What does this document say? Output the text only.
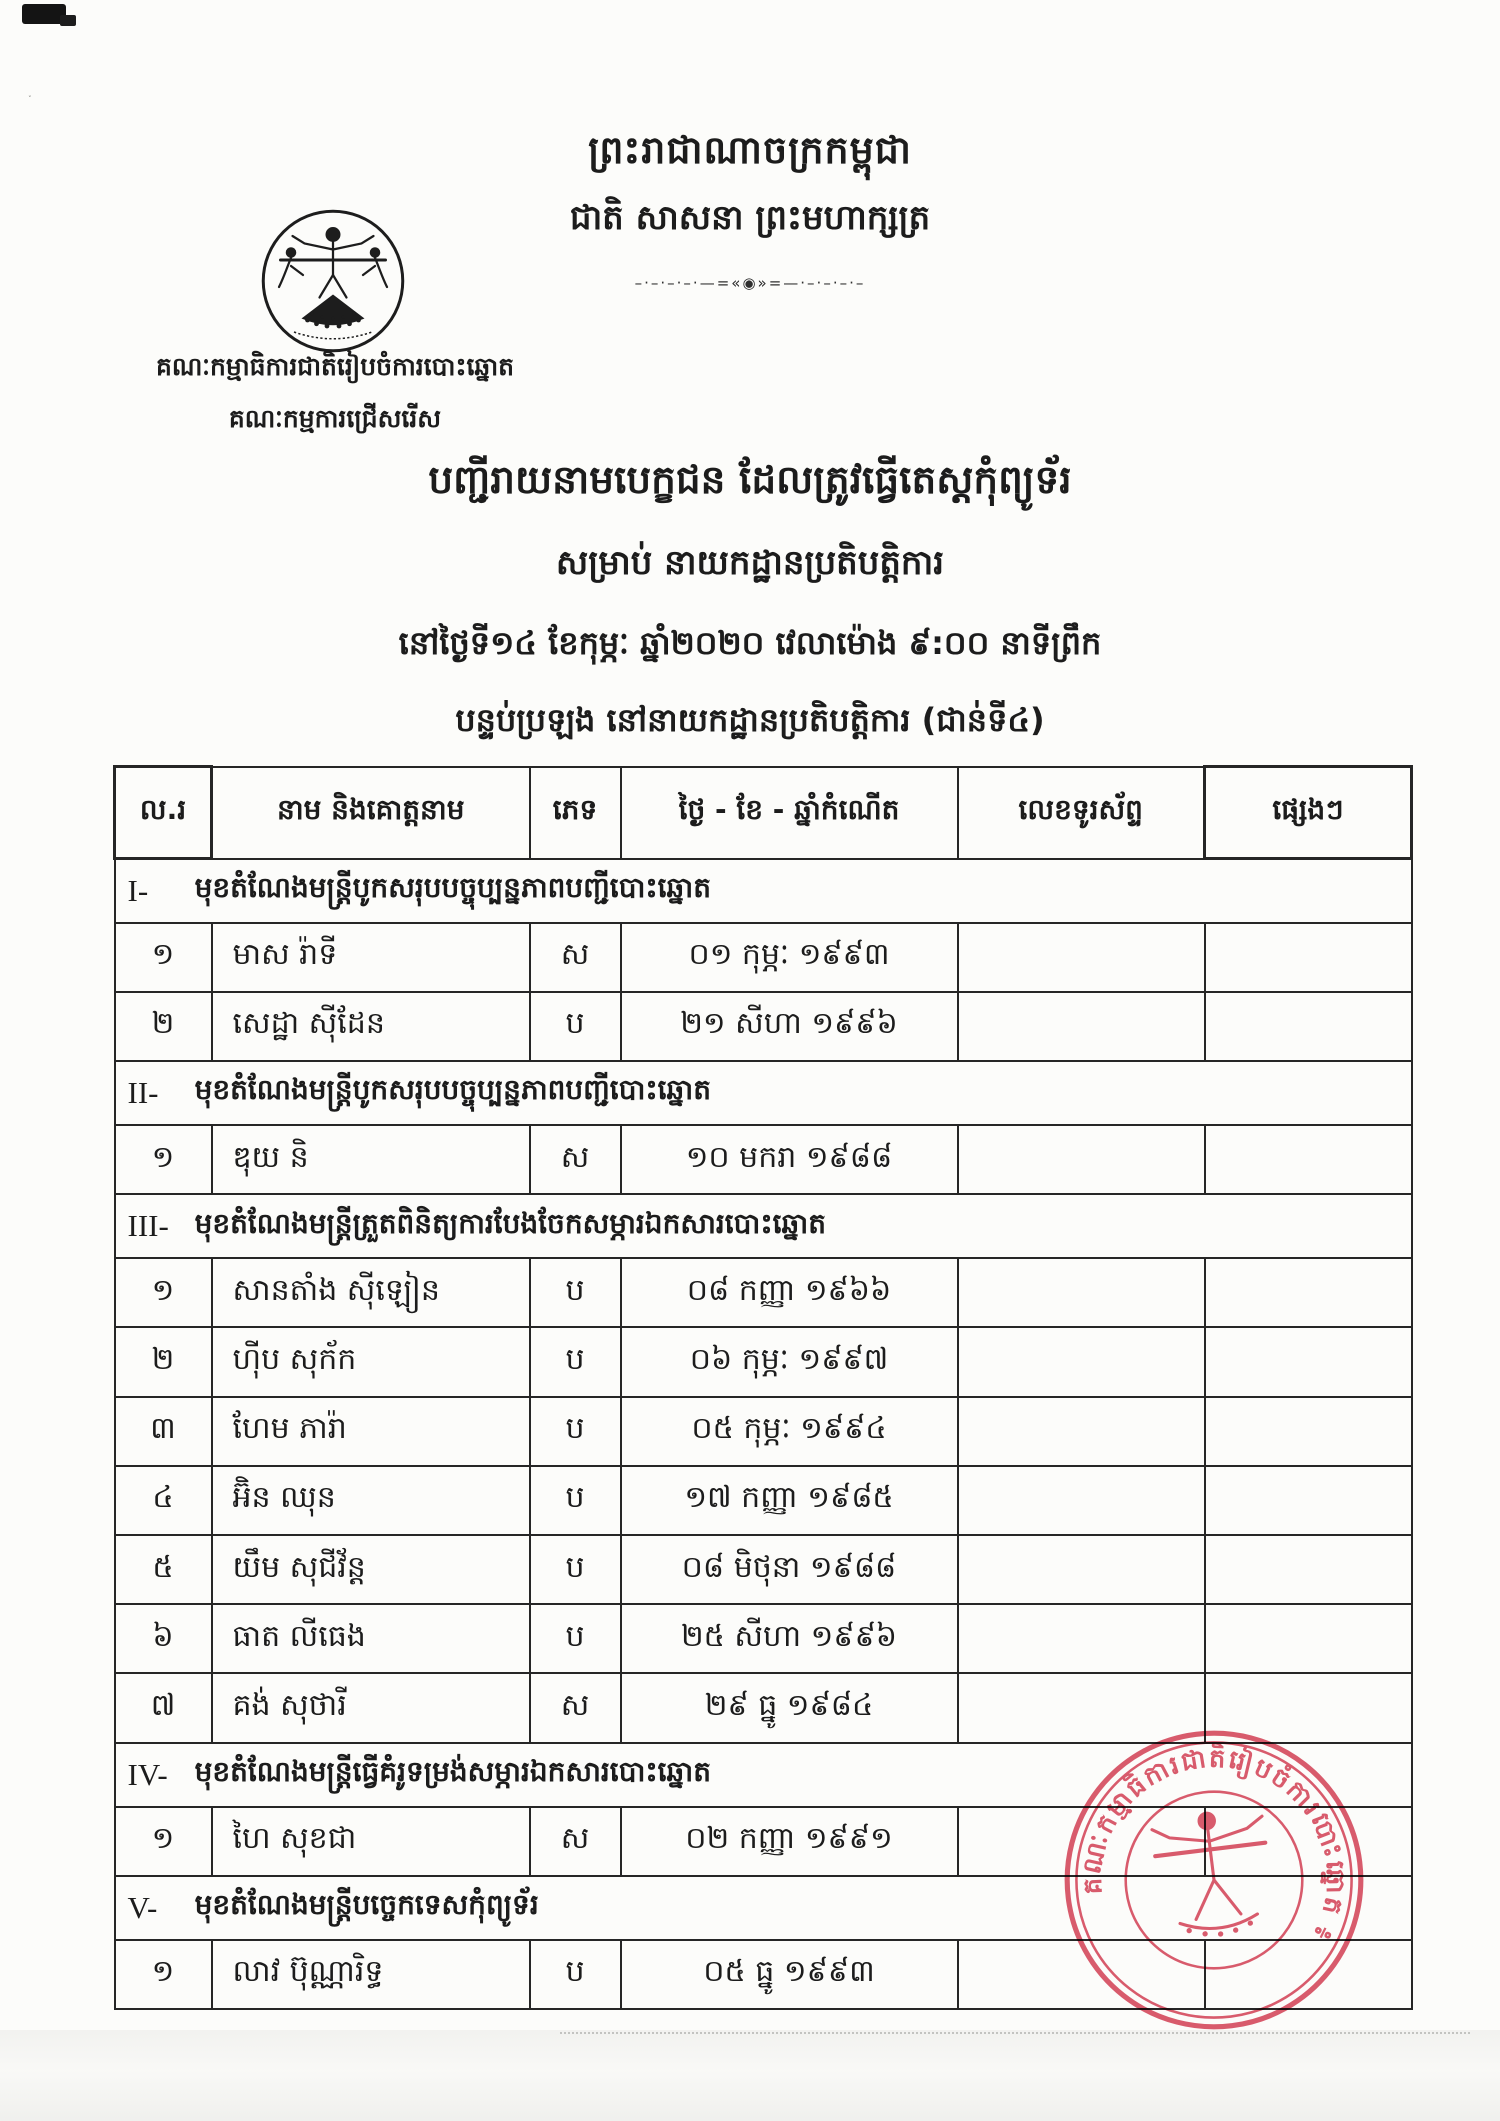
˯
ព្រះរាជាណាចក្រកម្ពុជា
ជាតិ សាសនា ព្រះមហាក្សត្រ
–·–·–·–·—=«◉»=—·–·–·–·–
គណៈកម្មាធិការជាតិរៀបចំការបោះឆ្នោត
គណៈកម្មការជ្រើសរើស
បញ្ជីរាយនាមបេក្ខជន ដែលត្រូវធ្វើតេស្តកុំព្យូទ័រ
សម្រាប់ នាយកដ្ឋានប្រតិបត្តិការ
នៅថ្ងៃទី១៤ ខែកុម្ភៈ ឆ្នាំ២០២០ វេលាម៉ោង ៩:០០ នាទីព្រឹក
បន្ទប់ប្រឡង នៅនាយកដ្ឋានប្រតិបត្តិការ (ជាន់ទី៤)
ល.រ	នាម និងគោត្តនាម	ភេទ	ថ្ងៃ - ខែ - ឆ្នាំកំណើត	លេខទូរស័ព្ទ	ផ្សេងៗ
I- មុខតំណែងមន្ត្រីបូកសរុបបច្ចុប្បន្នភាពបញ្ជីបោះឆ្នោត					
១	មាស រ៉ាទី	ស	០១ កុម្ភៈ ១៩៩៣		
២	សេដ្ឋា ស៊ីដែន	ប	២១ សីហា ១៩៩៦		
II- មុខតំណែងមន្ត្រីបូកសរុបបច្ចុប្បន្នភាពបញ្ជីបោះឆ្នោត					
១	ឌុយ និ	ស	១០ មករា ១៩៨៨		
III- មុខតំណែងមន្ត្រីត្រួតពិនិត្យការបែងចែកសម្ភារឯកសារបោះឆ្នោត					
១	សានតាំង ស៊ីឡៀន	ប	០៨ កញ្ញា ១៩៦៦		
២	ហ៊ីប សុក័ក	ប	០៦ កុម្ភៈ ១៩៩៧		
៣	ហែម ភារ៉ា	ប	០៥ កុម្ភៈ ១៩៩៤		
៤	អ៊ិន ឈុន	ប	១៧ កញ្ញា ១៩៨៥		
៥	យឹម សុជីវ័ន្ត	ប	០៨ មិថុនា ១៩៨៨		
៦	ធាត លីធេង	ប	២៥ សីហា ១៩៩៦		
៧	គង់ សុថារី	ស	២៩ ធ្នូ ១៩៨៤		
IV- មុខតំណែងមន្ត្រីធ្វើគំរូទម្រង់សម្ភារឯកសារបោះឆ្នោត					
១	ហៃ សុខជា	ស	០២ កញ្ញា ១៩៩១		
V- មុខតំណែងមន្ត្រីបច្ចេកទេសកុំព្យូទ័រ					
១	លាវ ប៊ុណ្ណារិទ្ធ	ប	០៥ ធ្នូ ១៩៩៣		
គណៈកម្មាធិការជាតិរៀបចំការបោះឆ្នោត ៖
